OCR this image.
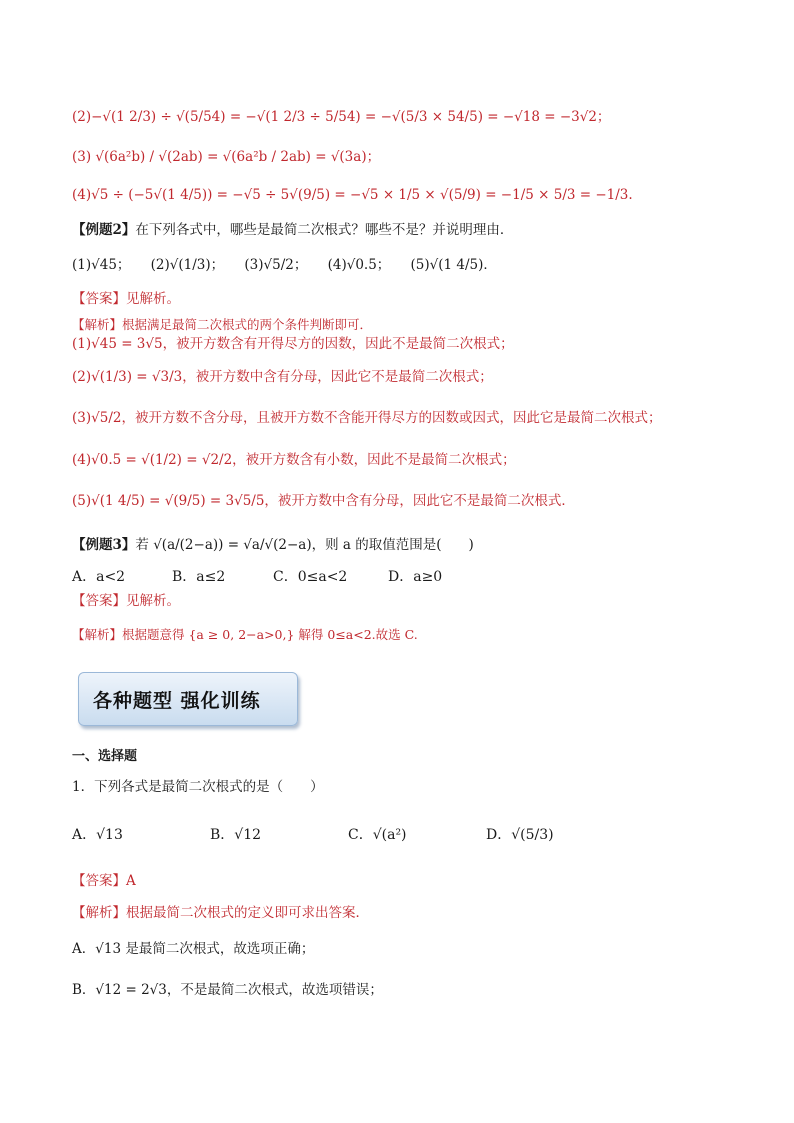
(2)−√(1 2/3) ÷ √(5/54) = −√(1 2/3 ÷ 5/54) = −√(5/3 × 54/5) = −√18 = −3√2；
(3) √(6a²b) / √(2ab) = √(6a²b / 2ab) = √(3a)；
(4)√5 ÷ (−5√(1 4/5)) = −√5 ÷ 5√(9/5) = −√5 × 1/5 × √(5/9) = −1/5 × 5/3 = −1/3.
【例题2】在下列各式中，哪些是最简二次根式？哪些不是？并说明理由．
(1)√45；　　(2)√(1/3)；　　(3)√5/2；　　(4)√0.5；　　(5)√(1 4/5)．
【答案】见解析。
【解析】根据满足最简二次根式的两个条件判断即可．
(1)√45 = 3√5，被开方数含有开得尽方的因数，因此不是最简二次根式；
(2)√(1/3) = √3/3，被开方数中含有分母，因此它不是最简二次根式；
(3)√5/2，被开方数不含分母，且被开方数不含能开得尽方的因数或因式，因此它是最简二次根式；
(4)√0.5 = √(1/2) = √2/2，被开方数含有小数，因此不是最简二次根式；
(5)√(1 4/5) = √(9/5) = 3√5/5，被开方数中含有分母，因此它不是最简二次根式．
【例题3】若 √(a/(2−a)) = √a/√(2−a)，则 a 的取值范围是(　　)
A．a<2	B．a≤2	C．0≤a<2	D．a≥0
【答案】见解析。
【解析】根据题意得 {a ≥ 0, 2−a>0,} 解得 0≤a<2.故选 C.
各种题型 强化训练
一、选择题
1．下列各式是最简二次根式的是（　　）
A．√13	B．√12	C．√(a²)	D．√(5/3)
【答案】A
【解析】根据最简二次根式的定义即可求出答案．
A．√13 是最简二次根式，故选项正确；
B．√12 = 2√3，不是最简二次根式，故选项错误；
